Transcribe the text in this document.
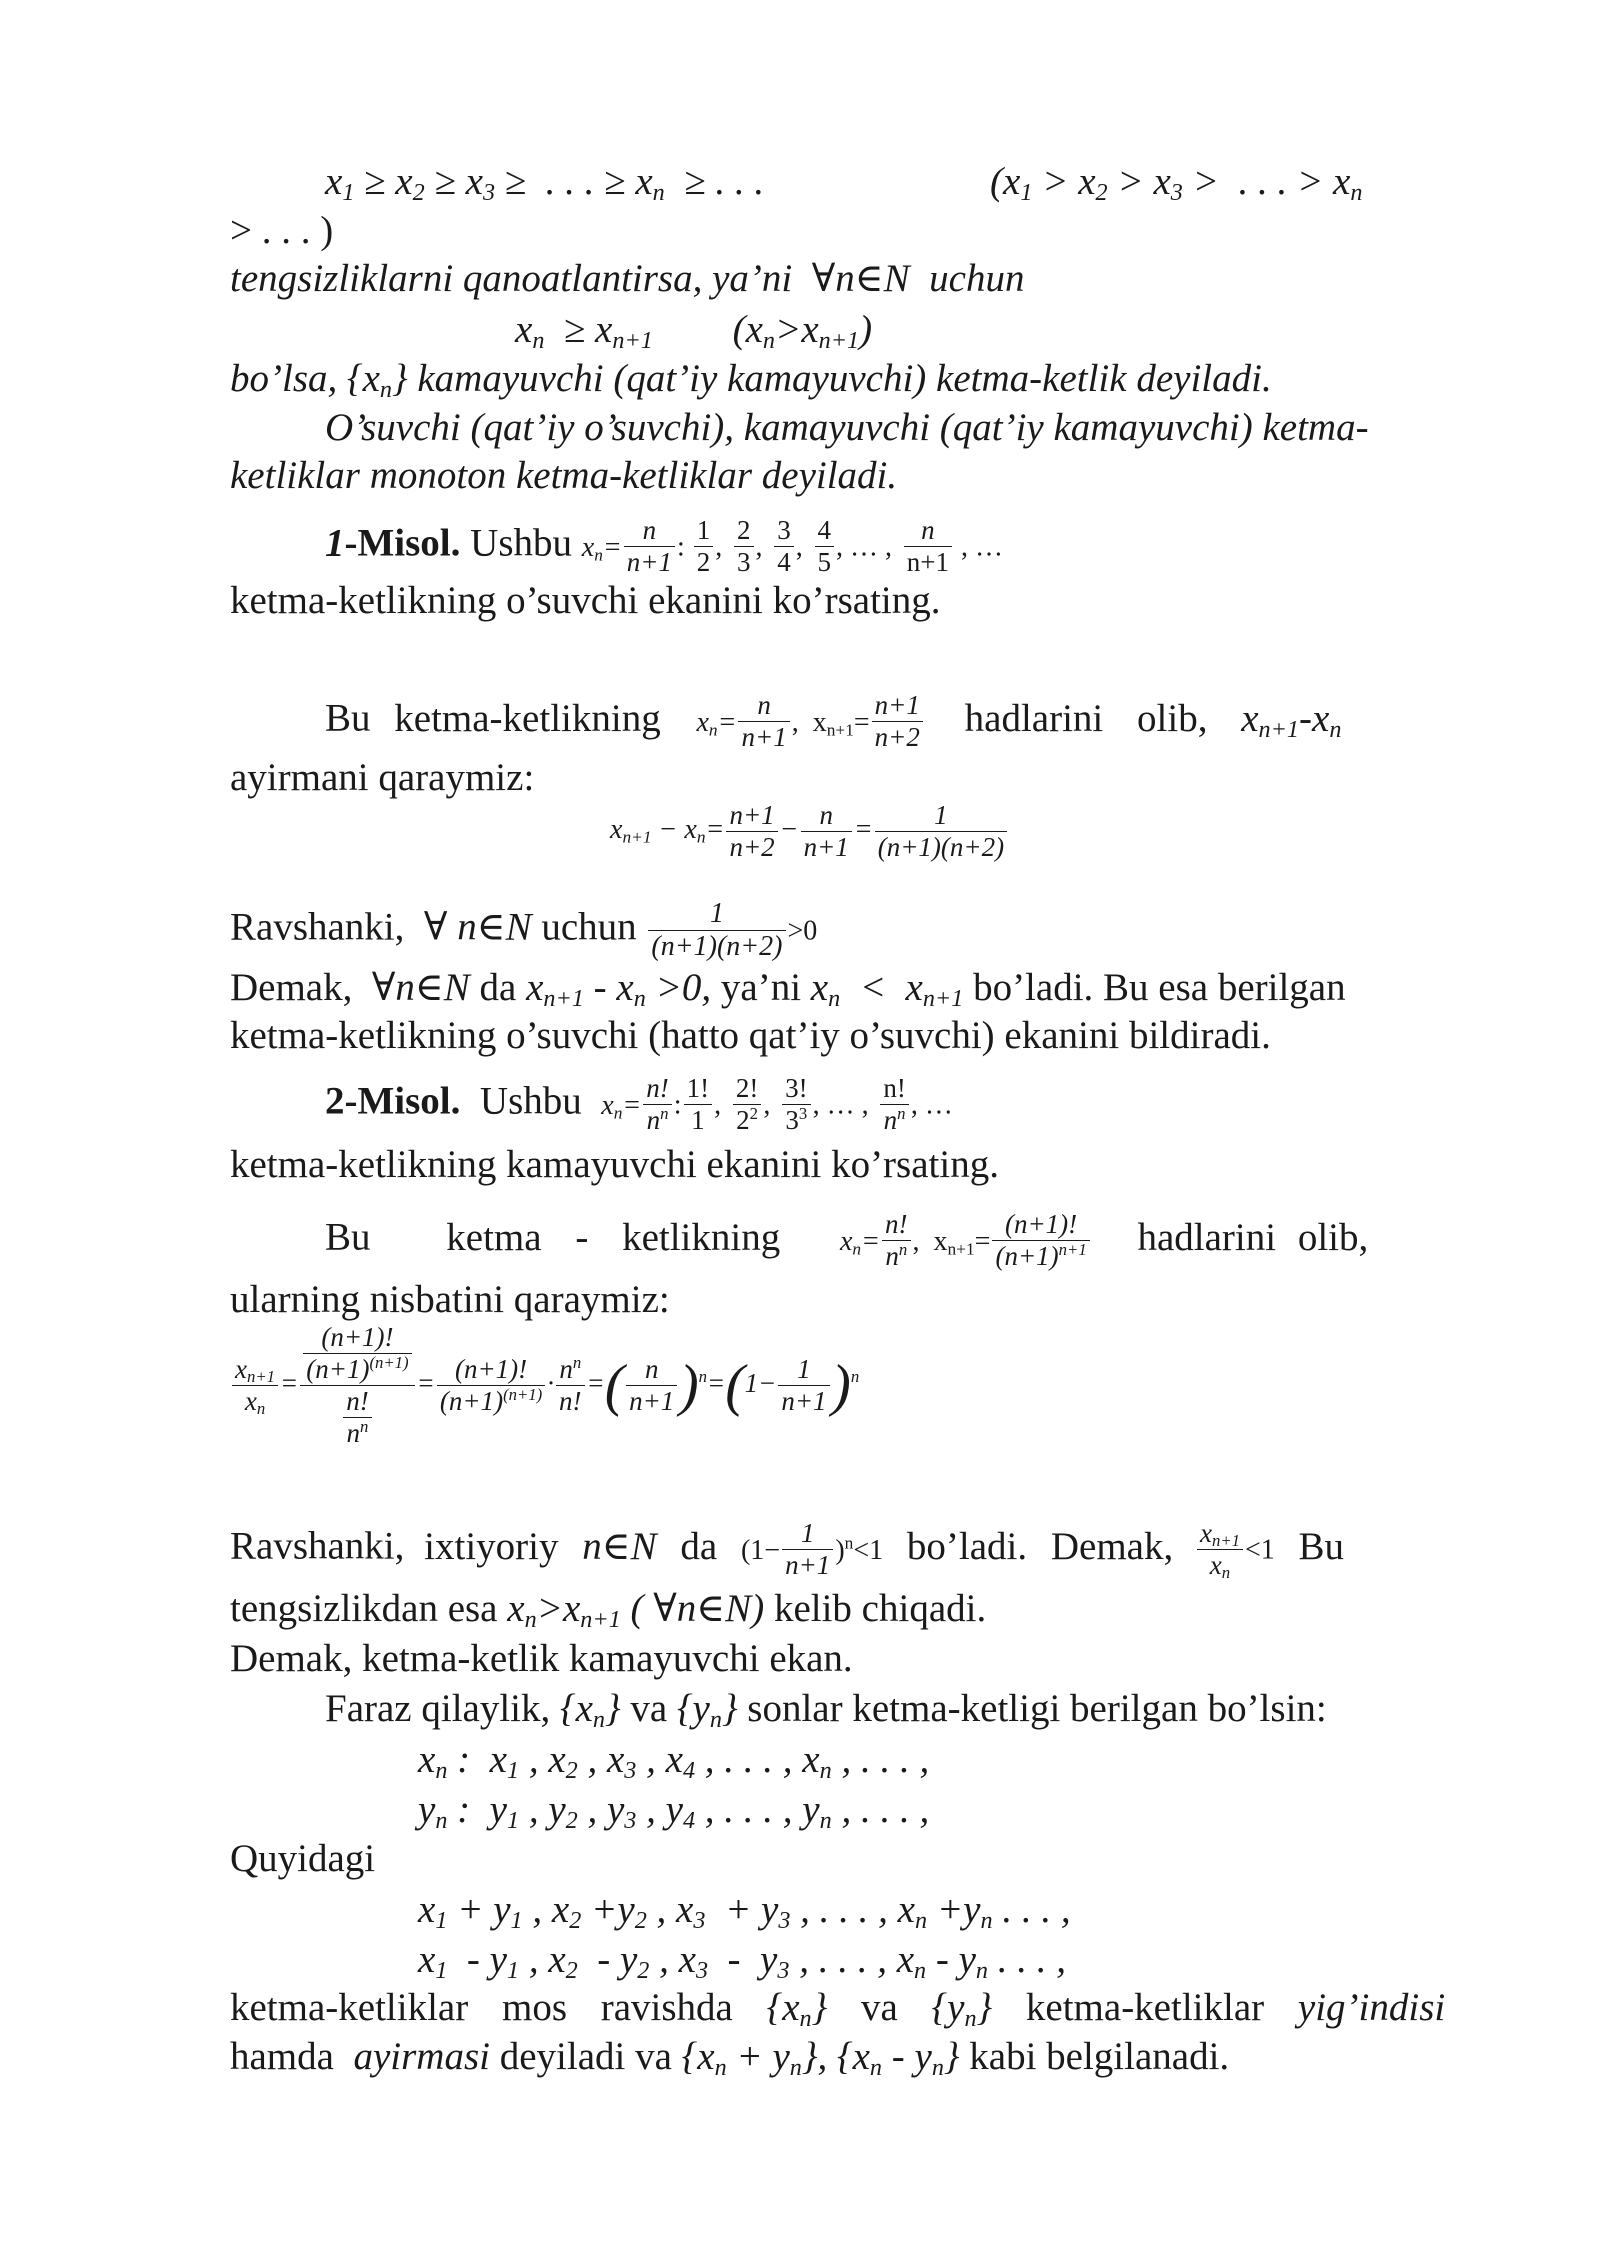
$x_1 \ge x_2 \ge x_3$ ≥  . . . ≥ $x_n$  ≥ . . .	($x_1 > x_2 > x_3$ >  . . . > $x_n$
> . . . )
tengsizliklarni qanoatlantirsa, ya’ni  ∀n∈N  uchun
$x_n \ge x_{n+1}$ $(x_n>x_{n+1})$
bo’lsa, $\{x_n\}$ kamayuvchi (qat’iy kamayuvchi) ketma-ketlik deyiladi.
O’suvchi (qat’iy o’suvchi), kamayuvchi (qat’iy kamayuvchi) ketma-
ketliklar monoton ketma-ketliklar deyiladi.
1-Misol. Ushbu $x_n= \frac{n}{n+1}$ : $\frac{1}{2}$ , $\frac{2}{3}$ , $\frac{3}{4}$ , $\frac{4}{5}$ , … , $\frac{n}{n+1}$ , …
ketma-ketlikning o’suvchi ekanini ko’rsating.
Bu ketma-ketlikning $x_n= \frac{n}{n+1}$ ,  $x_{n+1}= \frac{n+1}{n+2}$ hadlarini olib, $x_{n+1}-x_n$
ayirmani qaraymiz:
$x_{n+1} - x_n= \frac{n+1}{n+2} - \frac{n}{n+1} = \frac{1}{(n+1)(n+2)}$
Ravshanki,  ∀ n∈N uchun $\frac{1}{(n+1)(n+2)} >0$
Demak, ∀n∈N da $x_{n+1} - x_n >0$, ya’ni $x_n < x_{n+1}$ bo’ladi. Bu esa berilgan
ketma-ketlikning o’suvchi (hatto qat’iy o’suvchi) ekanini bildiradi.
2-Misol. Ushbu $x_n= \frac{n!}{n^n}$ : $\frac{1!}{1}$ , $\frac{2!}{2^2}$ , $\frac{3!}{3^3}$ , … , $\frac{n!}{n^n}$ , …
ketma-ketlikning kamayuvchi ekanini ko’rsating.
Bu ketma - ketlikning $x_n= \frac{n!}{n^n}$ ,  $x_{n+1}= \frac{(n+1)!}{(n+1)^{n+1}}$ hadlarini olib,
ularning nisbatini qaraymiz:
$\frac{x_{n+1}}{x_n} = \frac{\frac{(n+1)!}{(n+1)^{(n+1)}}}{\frac{n!}{n^n}} = \frac{(n+1)!}{(n+1)^{(n+1)}} \cdot \frac{n^n}{n!}$ =( $\frac{n}{n+1} )^n=(1- \frac{1}{n+1} )^n$
Ravshanki, ixtiyoriy n∈N da $(1- \frac{1}{n+1} )^n<1$ bo’ladi. Demak, $\frac{x_{n+1}}{x_n} <1$ Bu
tengsizlikdan esa $x_n>x_{n+1}$ ( ∀n∈N) kelib chiqadi.
Demak, ketma-ketlik kamayuvchi ekan.
Faraz qilaylik, $\{x_n\}$ va $\{y_n\}$ sonlar ketma-ketligi berilgan bo’lsin:
$x_n$ :  $x_1$ , $x_2$ , $x_3$ , $x_4$ , . . . , $x_n$ , . . . ,
$y_n$ :  $y_1$ , $y_2$ , $y_3$ , $y_4$ , . . . , $y_n$ , . . . ,
Quyidagi
$x_1 + y_1$ , $x_2 +y_2$ , $x_3 + y_3$ , . . . , $x_n +y_n$ . . . ,
$x_1 - y_1$ , $x_2 - y_2$ , $x_3 - y_3$ , . . . , $x_n - y_n$ . . . ,
ketma-ketliklar mos ravishda $\{x_n\}$ va $\{y_n\}$ ketma-ketliklar yig’indisi
hamda ayirmasi deyiladi va $\{x_n + y_n\}$, $\{x_n - y_n\}$ kabi belgilanadi.
